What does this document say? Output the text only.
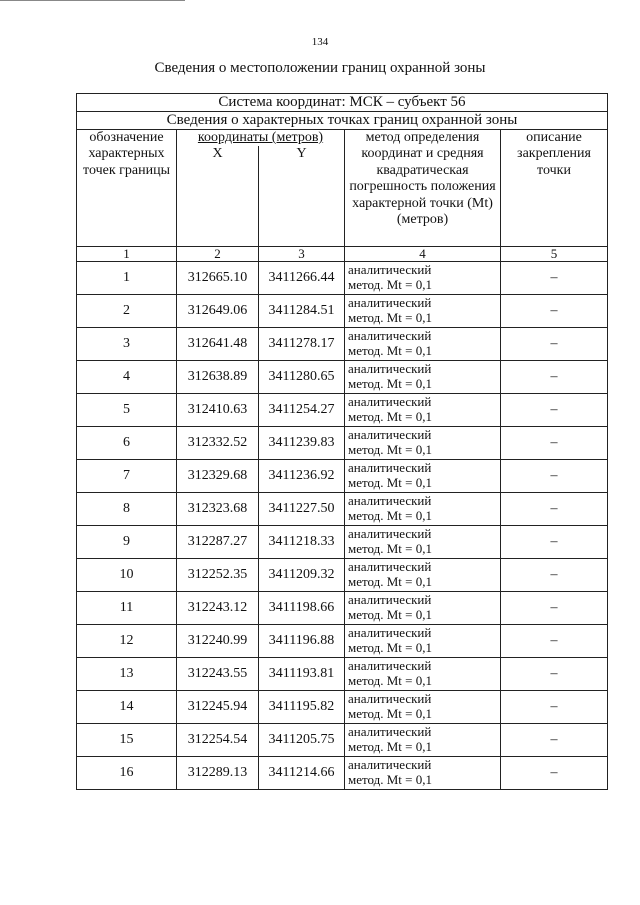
134
Сведения о местоположении границ охранной зоны
Система координат: МСК – субъект 56				
Сведения о характерных точках границ охранной зоны				
обозначение характерных точек границы	координаты (метров)		метод определения координат и средняя квадратическая погрешность положения характерной точки (Mt) (метров)	описание закрепления точки
	X	Y		
1	2	3	4	5
1	312665.10	3411266.44	аналитический
метод. Mt = 0,1	–
2	312649.06	3411284.51	аналитический
метод. Mt = 0,1	–
3	312641.48	3411278.17	аналитический
метод. Mt = 0,1	–
4	312638.89	3411280.65	аналитический
метод. Mt = 0,1	–
5	312410.63	3411254.27	аналитический
метод. Mt = 0,1	–
6	312332.52	3411239.83	аналитический
метод. Mt = 0,1	–
7	312329.68	3411236.92	аналитический
метод. Mt = 0,1	–
8	312323.68	3411227.50	аналитический
метод. Mt = 0,1	–
9	312287.27	3411218.33	аналитический
метод. Mt = 0,1	–
10	312252.35	3411209.32	аналитический
метод. Mt = 0,1	–
11	312243.12	3411198.66	аналитический
метод. Mt = 0,1	–
12	312240.99	3411196.88	аналитический
метод. Mt = 0,1	–
13	312243.55	3411193.81	аналитический
метод. Mt = 0,1	–
14	312245.94	3411195.82	аналитический
метод. Mt = 0,1	–
15	312254.54	3411205.75	аналитический
метод. Mt = 0,1	–
16	312289.13	3411214.66	аналитический
метод. Mt = 0,1	–
